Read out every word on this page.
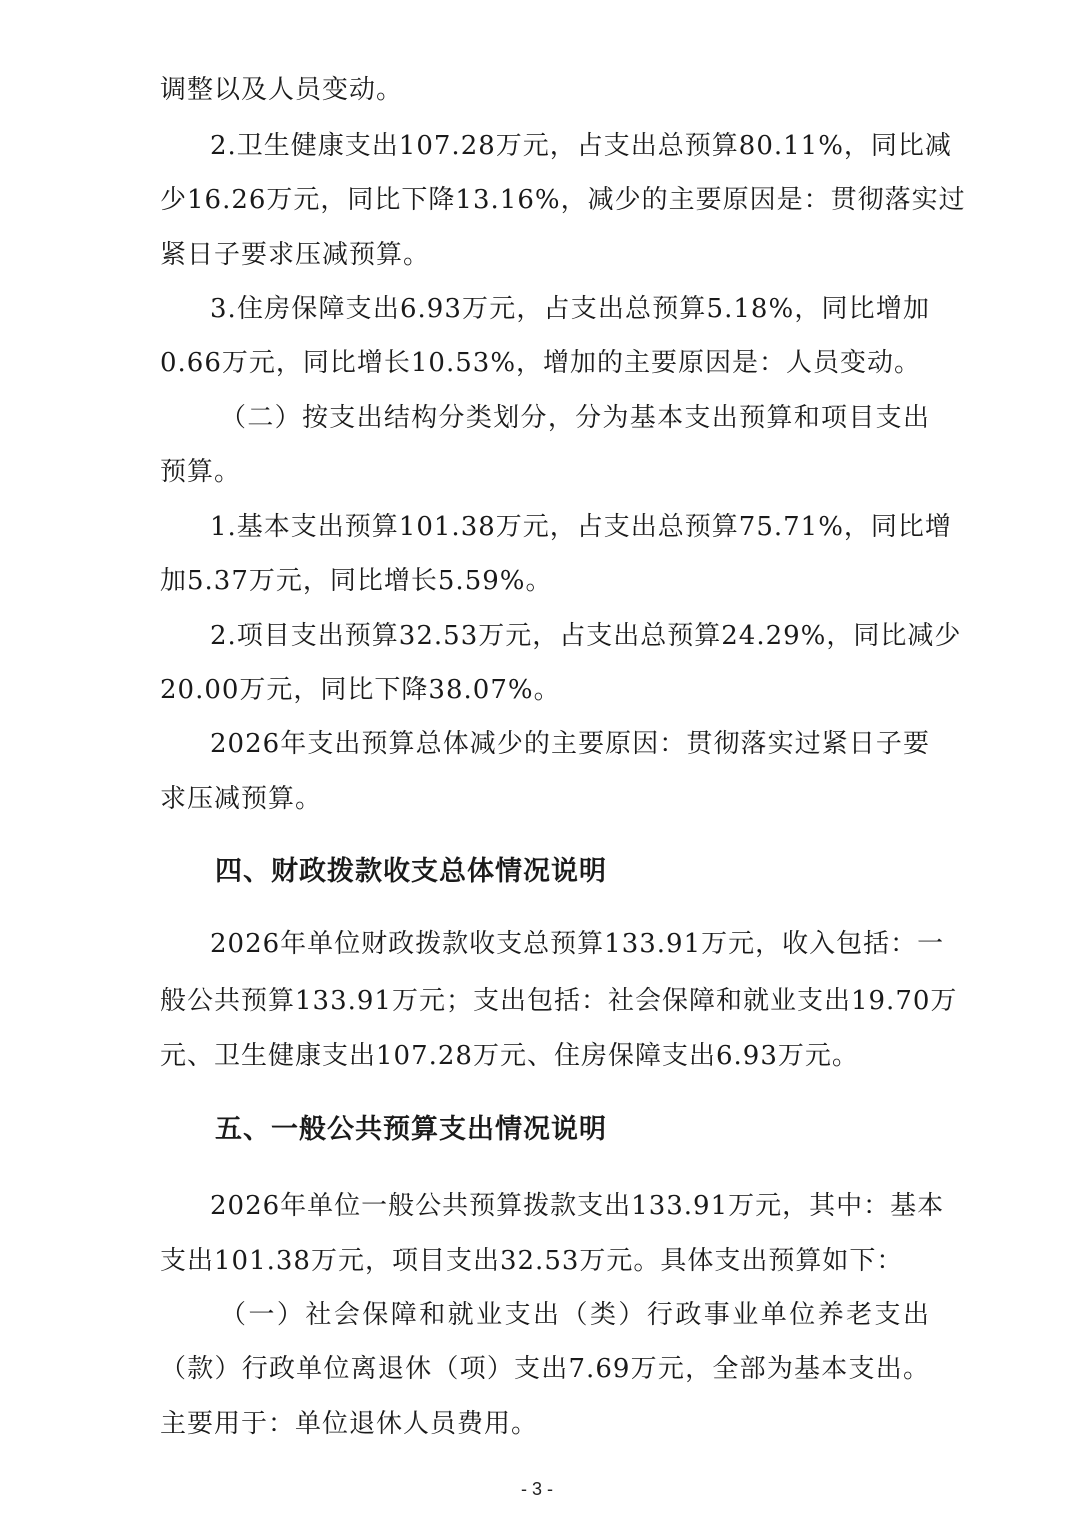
调整以及人员变动。
2.卫生健康支出107.28万元，占支出总预算80.11%，同比减
少16.26万元，同比下降13.16%，减少的主要原因是：贯彻落实过
紧日子要求压减预算。
3.住房保障支出6.93万元，占支出总预算5.18%，同比增加
0.66万元，同比增长10.53%，增加的主要原因是：人员变动。
（二）按支出结构分类划分，分为基本支出预算和项目支出
预算。
1.基本支出预算101.38万元，占支出总预算75.71%，同比增
加5.37万元，同比增长5.59%。
2.项目支出预算32.53万元，占支出总预算24.29%，同比减少
20.00万元，同比下降38.07%。
2026年支出预算总体减少的主要原因：贯彻落实过紧日子要
求压减预算。
四、财政拨款收支总体情况说明
2026年单位财政拨款收支总预算133.91万元，收入包括：一
般公共预算133.91万元；支出包括：社会保障和就业支出19.70万
元、卫生健康支出107.28万元、住房保障支出6.93万元。
五、一般公共预算支出情况说明
2026年单位一般公共预算拨款支出133.91万元，其中：基本
支出101.38万元，项目支出32.53万元。具体支出预算如下：
（一）社会保障和就业支出（类）行政事业单位养老支出
（款）行政单位离退休（项）支出7.69万元，全部为基本支出。
主要用于：单位退休人员费用。
- 3 -
